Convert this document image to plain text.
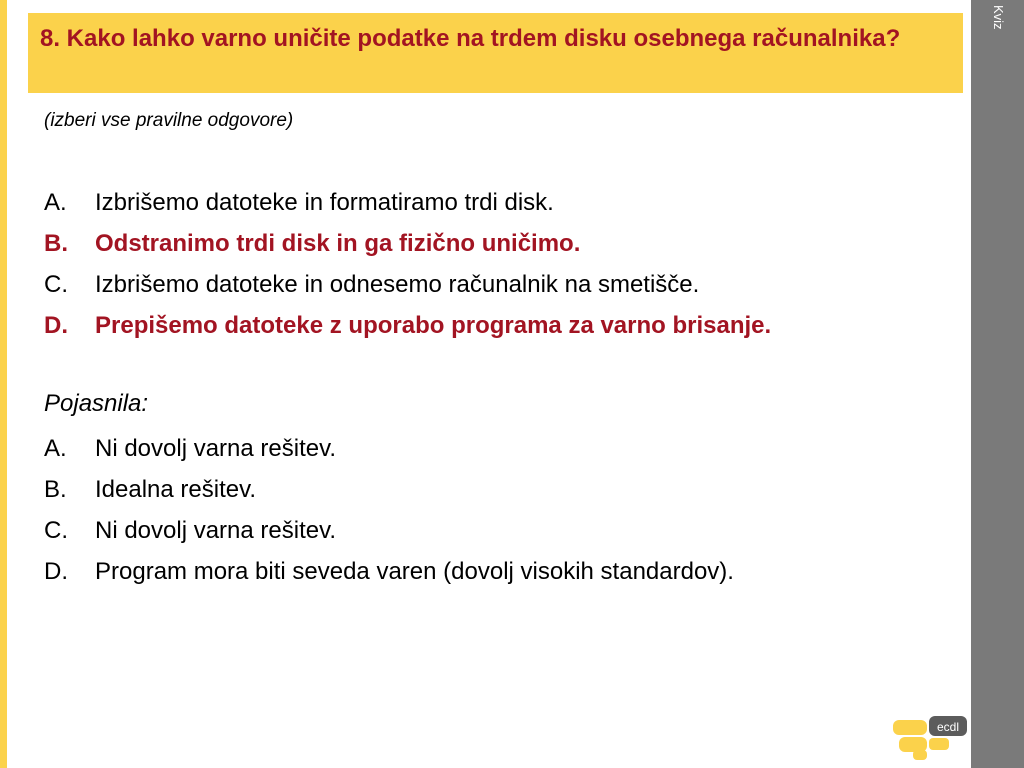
Kviz
8. Kako lahko varno uničite podatke na trdem disku osebnega računalnika?

(izberi vse pravilne odgovore)

A.	Izbrišemo datoteke in formatiramo trdi disk.
B.	Odstranimo trdi disk in ga fizično uničimo.
C.	Izbrišemo datoteke in odnesemo računalnik na smetišče.
D.	Prepišemo datoteke z uporabo programa za varno brisanje.

Pojasnila:

A.	Ni dovolj varna rešitev.
B.	Idealna rešitev.
C.	Ni dovolj varna rešitev.
D.	Program mora biti seveda varen (dovolj visokih standardov).
ecdl
